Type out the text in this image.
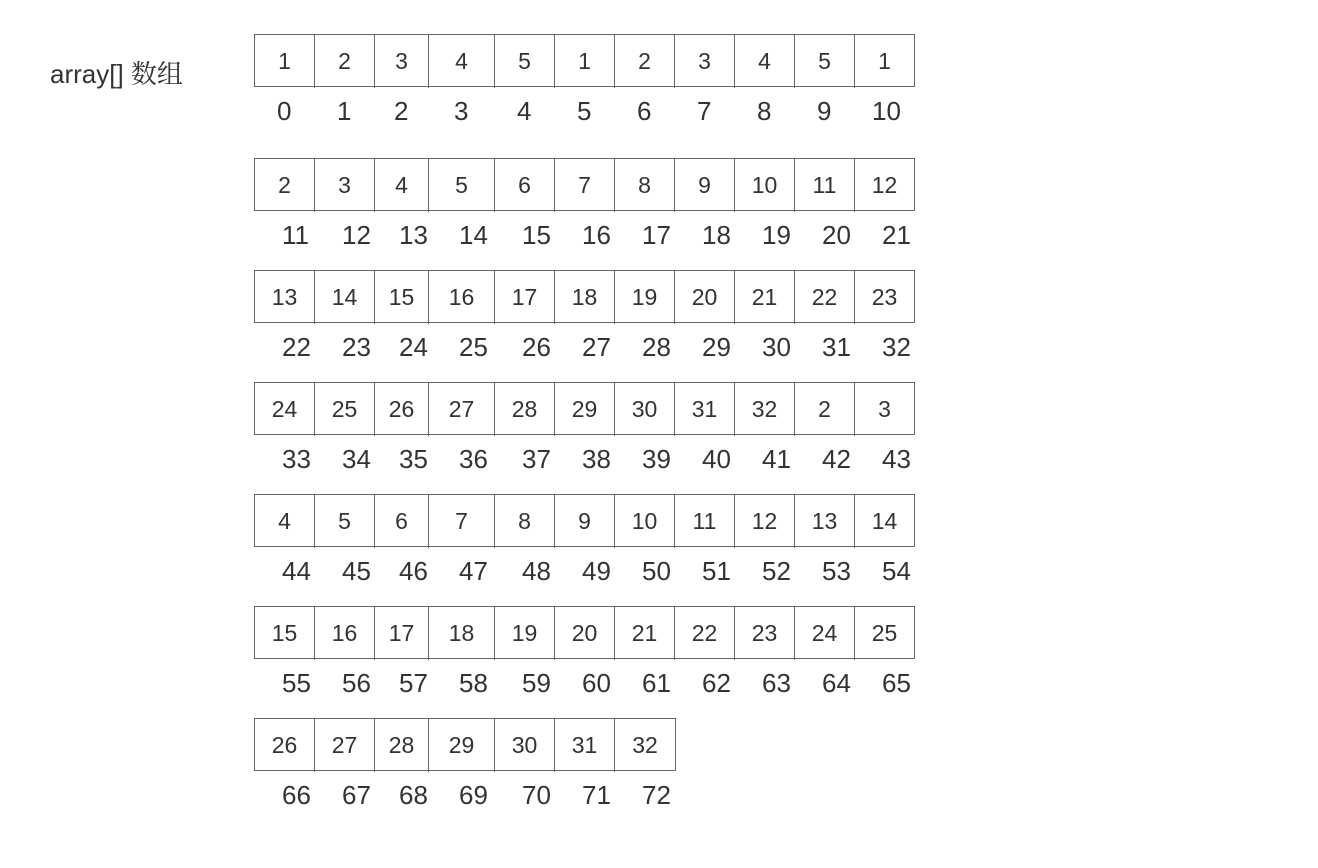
array[] 数组	1	2	3	4	5	1	2	3	4	5	1
0 1 2 3 4 5 6 7 8 9 10
2	3	4	5	6	7	8	9	10	11	12
11 12 13 14 15 16 17 18 19 20 21
13	14	15	16	17	18	19	20	21	22	23
22 23 24 25 26 27 28 29 30 31 32
24	25	26	27	28	29	30	31	32	2	3
33 34 35 36 37 38 39 40 41 42 43
4	5	6	7	8	9	10	11	12	13	14
44 45 46 47 48 49 50 51 52 53 54
15	16	17	18	19	20	21	22	23	24	25
55 56 57 58 59 60 61 62 63 64 65
26	27	28	29	30	31	32
66 67 68 69 70 71 72
